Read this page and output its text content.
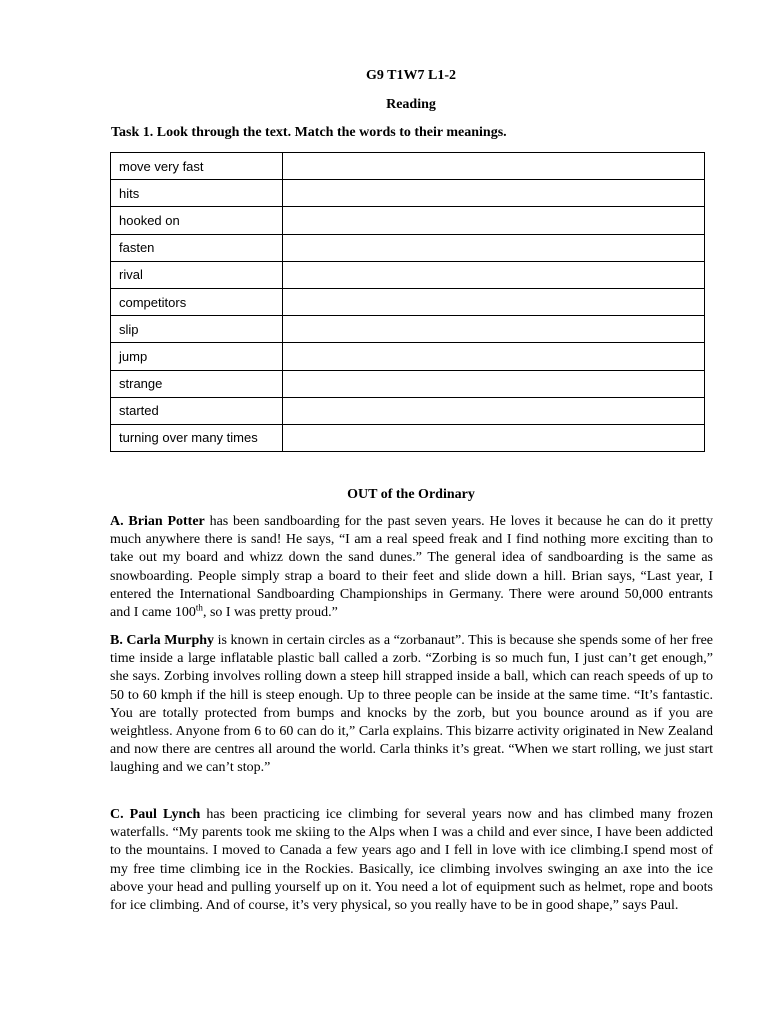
G9 T1W7 L1-2
Reading
Task 1. Look through the text. Match the words to their meanings.
move very fast	
hits	
hooked on	
fasten	
rival	
competitors	
slip	
jump	
strange	
started	
turning over many times	
OUT of the Ordinary
A. Brian Potter has been sandboarding for the past seven years. He loves it because he can do it pretty much anywhere there is sand! He says, “I am a real speed freak and I find nothing more exciting than to take out my board and whizz down the sand dunes.” The general idea of sandboarding is the same as snowboarding. People simply strap a board to their feet and slide down a hill. Brian says, “Last year, I entered the International Sandboarding Championships in Germany. There were around 50,000 entrants and I came 100th, so I was pretty proud.”
B. Carla Murphy is known in certain circles as a “zorbanaut”. This is because she spends some of her free time inside a large inflatable plastic ball called a zorb. “Zorbing is so much fun, I just can’t get enough,” she says. Zorbing involves rolling down a steep hill strapped inside a ball, which can reach speeds of up to 50 to 60 kmph if the hill is steep enough. Up to three people can be inside at the same time. “It’s fantastic. You are totally protected from bumps and knocks by the zorb, but you bounce around as if you are weightless. Anyone from 6 to 60 can do it,” Carla explains. This bizarre activity originated in New Zealand and now there are centres all around the world. Carla thinks it’s great. “When we start rolling, we just start laughing and we can’t stop.”
C. Paul Lynch has been practicing ice climbing for several years now and has climbed many frozen waterfalls. “My parents took me skiing to the Alps when I was a child and ever since, I have been addicted to the mountains. I moved to Canada a few years ago and I fell in love with ice climbing.I spend most of my free time climbing ice in the Rockies. Basically, ice climbing involves swinging an axe into the ice above your head and pulling yourself up on it. You need a lot of equipment such as helmet, rope and boots for ice climbing. And of course, it’s very physical, so you really have to be in good shape,” says Paul.
